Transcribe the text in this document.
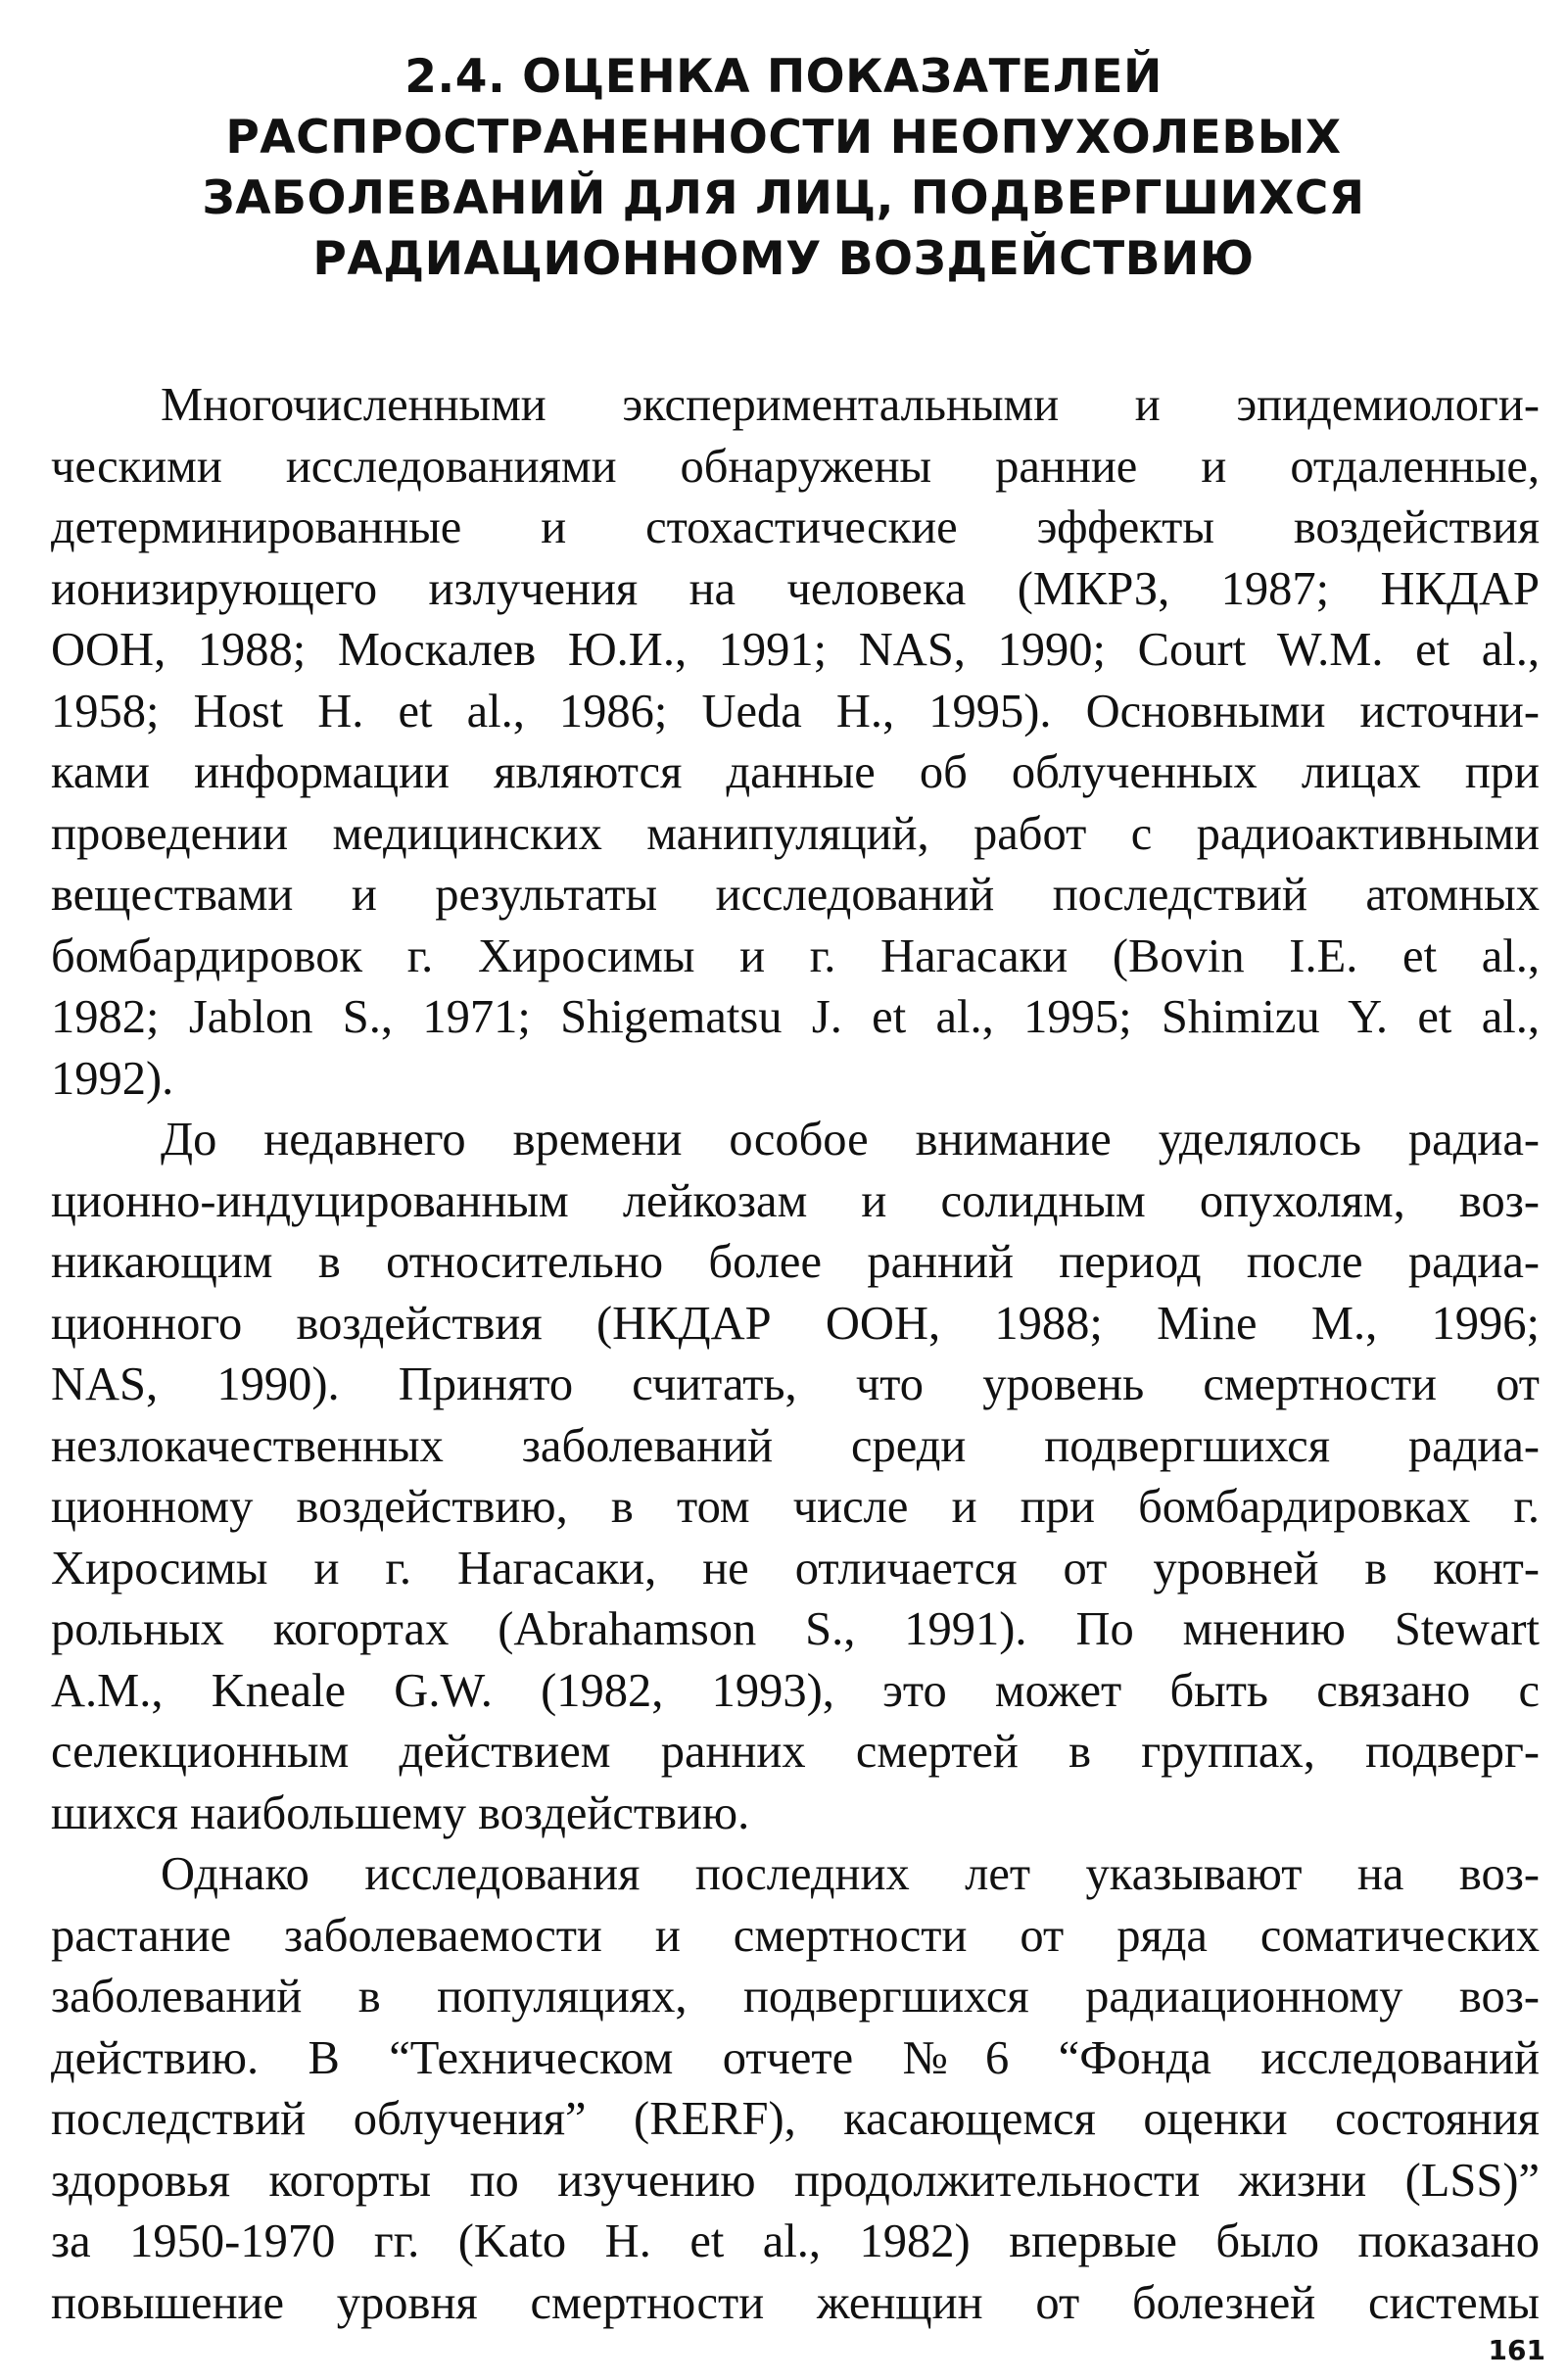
2.4. ОЦЕНКА ПОКАЗАТЕЛЕЙ
РАСПРОСТРАНЕННОСТИ НЕОПУХОЛЕВЫХ
ЗАБОЛЕВАНИЙ ДЛЯ ЛИЦ, ПОДВЕРГШИХСЯ
РАДИАЦИОННОМУ ВОЗДЕЙСТВИЮ

Многочисленными экспериментальными и эпидемиологи-
ческими исследованиями обнаружены ранние и отдаленные,
детерминированные и стохастические эффекты воздействия
ионизирующего излучения на человека (МКРЗ, 1987; НКДАР
ООН, 1988; Москалев Ю.И., 1991; NAS, 1990; Court W.M. et al.,
1958; Host H. et al., 1986; Ueda H., 1995). Основными источни-
ками информации являются данные об облученных лицах при
проведении медицинских манипуляций, работ с радиоактивными
веществами и результаты исследований последствий атомных
бомбардировок г. Хиросимы и г. Нагасаки (Bovin I.E. et al.,
1982; Jablon S., 1971; Shigematsu J. et al., 1995; Shimizu Y. et al.,
1992).

До недавнего времени особое внимание уделялось радиа-
ционно-индуцированным лейкозам и солидным опухолям, воз-
никающим в относительно более ранний период после радиа-
ционного воздействия (НКДАР ООН, 1988; Mine M., 1996;
NAS, 1990). Принято считать, что уровень смертности от
незлокачественных заболеваний среди подвергшихся радиа-
ционному воздействию, в том числе и при бомбардировках г.
Хиросимы и г. Нагасаки, не отличается от уровней в конт-
рольных когортах (Abrahamson S., 1991). По мнению Stewart
A.M., Kneale G.W. (1982, 1993), это может быть связано с
селекционным действием ранних смертей в группах, подверг-
шихся наибольшему воздействию.

Однако исследования последних лет указывают на воз-
растание заболеваемости и смертности от ряда соматических
заболеваний в популяциях, подвергшихся радиационному воз-
действию. В “Техническом отчете №6 “Фонда исследований
последствий облучения” (RERF), касающемся оценки состояния
здоровья когорты по изучению продолжительности жизни (LSS)”
за 1950-1970 гг. (Kato H. et al., 1982) впервые было показано
повышение уровня смертности женщин от болезней системы

161
